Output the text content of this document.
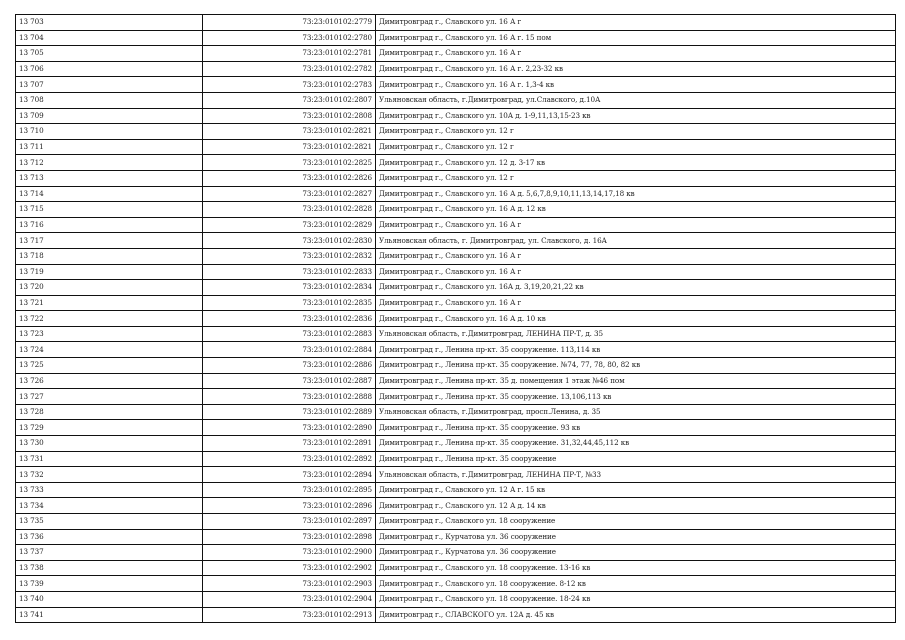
13 703	73:23:010102:2779	Димитровград г., Славского ул. 16 А г
13 704	73:23:010102:2780	Димитровград г., Славского ул. 16 А г. 15 пом
13 705	73:23:010102:2781	Димитровград г., Славского ул. 16 А г
13 706	73:23:010102:2782	Димитровград г., Славского ул. 16 А г. 2,23-32 кв
13 707	73:23:010102:2783	Димитровград г., Славского ул. 16 А г. 1,3-4 кв
13 708	73:23:010102:2807	Ульяновская область, г.Димитровград, ул.Славского, д.10А
13 709	73:23:010102:2808	Димитровград г., Славского ул. 10А д. 1-9,11,13,15-23 кв
13 710	73:23:010102:2821	Димитровград г., Славского ул. 12 г
13 711	73:23:010102:2821	Димитровград г., Славского ул. 12 г
13 712	73:23:010102:2825	Димитровград г., Славского ул. 12 д. 3-17 кв
13 713	73:23:010102:2826	Димитровград г., Славского ул. 12 г
13 714	73:23:010102:2827	Димитровград г., Славского ул. 16 А д. 5,6,7,8,9,10,11,13,14,17,18 кв
13 715	73:23:010102:2828	Димитровград г., Славского ул. 16 А д. 12 кв
13 716	73:23:010102:2829	Димитровград г., Славского ул. 16 А г
13 717	73:23:010102:2830	Ульяновская область, г. Димитровград, ул. Славского, д. 16А
13 718	73:23:010102:2832	Димитровград г., Славского ул. 16 А г
13 719	73:23:010102:2833	Димитровград г., Славского ул. 16 А г
13 720	73:23:010102:2834	Димитровград г., Славского ул. 16А д. 3,19,20,21,22 кв
13 721	73:23:010102:2835	Димитровград г., Славского ул. 16 А г
13 722	73:23:010102:2836	Димитровград г., Славского ул. 16 А д. 10 кв
13 723	73:23:010102:2883	Ульяновская область, г.Димитровград, ЛЕНИНА ПР-Т, д. 35
13 724	73:23:010102:2884	Димитровград г., Ленина пр-кт. 35 сооружение. 113,114 кв
13 725	73:23:010102:2886	Димитровград г., Ленина пр-кт. 35 сооружение. №74, 77, 78, 80, 82 кв
13 726	73:23:010102:2887	Димитровград г., Ленина пр-кт. 35 д. помещения 1 этаж №46 пом
13 727	73:23:010102:2888	Димитровград г., Ленина пр-кт. 35 сооружение. 13,106,113 кв
13 728	73:23:010102:2889	Ульяновская область, г.Димитровград, просп.Ленина, д. 35
13 729	73:23:010102:2890	Димитровград г., Ленина пр-кт. 35 сооружение. 93 кв
13 730	73:23:010102:2891	Димитровград г., Ленина пр-кт. 35 сооружение. 31,32,44,45,112 кв
13 731	73:23:010102:2892	Димитровград г., Ленина пр-кт. 35 сооружение
13 732	73:23:010102:2894	Ульяновская область, г.Димитровград, ЛЕНИНА ПР-Т, №33
13 733	73:23:010102:2895	Димитровград г., Славского ул. 12 А г. 15 кв
13 734	73:23:010102:2896	Димитровград г., Славского ул. 12 А д. 14 кв
13 735	73:23:010102:2897	Димитровград г., Славского ул. 18 сооружение
13 736	73:23:010102:2898	Димитровград г., Курчатова ул. 36 сооружение
13 737	73:23:010102:2900	Димитровград г., Курчатова ул. 36 сооружение
13 738	73:23:010102:2902	Димитровград г., Славского ул. 18 сооружение. 13-16 кв
13 739	73:23:010102:2903	Димитровград г., Славского ул. 18 сооружение. 8-12 кв
13 740	73:23:010102:2904	Димитровград г., Славского ул. 18 сооружение. 18-24 кв
13 741	73:23:010102:2913	Димитровград г., СЛАВСКОГО ул. 12А д. 45 кв
